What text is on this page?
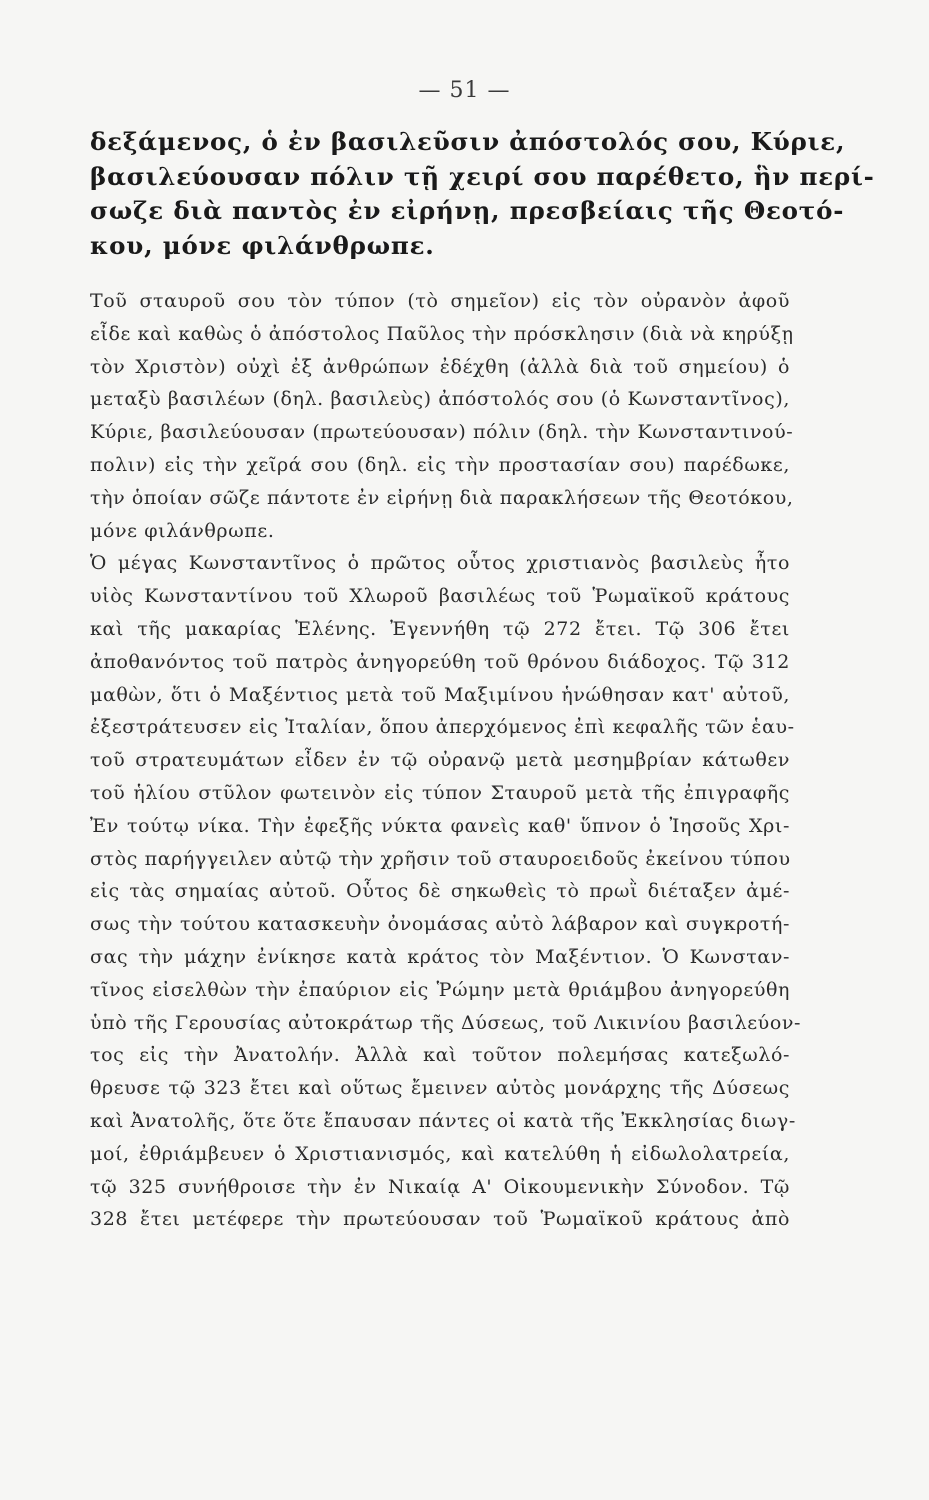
— 51 —
δεξάμενος, ὁ ἐν βασιλεῦσιν ἀπόστολός σου, Κύριε,
βασιλεύουσαν πόλιν τῇ χειρί σου παρέθετο, ἣν περί-
σωζε διὰ παντὸς ἐν εἰρήνῃ, πρεσβείαις τῆς Θεοτό-
κου, μόνε φιλάνθρωπε.
Τοῦ σταυροῦ σου τὸν τύπον (τὸ σημεῖον) εἰς τὸν οὐρανὸν ἀφοῦ
εἶδε καὶ καθὼς ὁ ἀπόστολος Παῦλος τὴν πρόσκλησιν (διὰ νὰ κηρύξῃ
τὸν Χριστὸν) οὐχὶ ἐξ ἀνθρώπων ἐδέχθη (ἀλλὰ διὰ τοῦ σημείου) ὁ
μεταξὺ βασιλέων (δηλ. βασιλεὺς) ἀπόστολός σου (ὁ Κωνσταντῖνος),
Κύριε, βασιλεύουσαν (πρωτεύουσαν) πόλιν (δηλ. τὴν Κωνσταντινού-
πολιν) εἰς τὴν χεῖρά σου (δηλ. εἰς τὴν προστασίαν σου) παρέδωκε,
τὴν ὁποίαν σῶζε πάντοτε ἐν εἰρήνῃ διὰ παρακλήσεων τῆς Θεοτόκου,
μόνε φιλάνθρωπε.
Ὁ μέγας Κωνσταντῖνος ὁ πρῶτος οὗτος χριστιανὸς βασιλεὺς ἦτο
υἱὸς Κωνσταντίνου τοῦ Χλωροῦ βασιλέως τοῦ Ῥωμαϊκοῦ κράτους
καὶ τῆς μακαρίας Ἑλένης. Ἐγεννήθη τῷ 272 ἔτει. Τῷ 306 ἔτει
ἀποθανόντος τοῦ πατρὸς ἀνηγορεύθη τοῦ θρόνου διάδοχος. Τῷ 312
μαθὼν, ὅτι ὁ Μαξέντιος μετὰ τοῦ Μαξιμίνου ἡνώθησαν κατ' αὐτοῦ,
ἐξεστράτευσεν εἰς Ἰταλίαν, ὅπου ἀπερχόμενος ἐπὶ κεφαλῆς τῶν ἑαυ-
τοῦ στρατευμάτων εἶδεν ἐν τῷ οὐρανῷ μετὰ μεσημβρίαν κάτωθεν
τοῦ ἡλίου στῦλον φωτεινὸν εἰς τύπον Σταυροῦ μετὰ τῆς ἐπιγραφῆς
Ἐν τούτῳ νίκα. Τὴν ἐφεξῆς νύκτα φανεὶς καθ' ὕπνον ὁ Ἰησοῦς Χρι-
στὸς παρήγγειλεν αὐτῷ τὴν χρῆσιν τοῦ σταυροειδοῦς ἐκείνου τύπου
εἰς τὰς σημαίας αὐτοῦ. Οὗτος δὲ σηκωθεὶς τὸ πρωῒ διέταξεν ἀμέ-
σως τὴν τούτου κατασκευὴν ὀνομάσας αὐτὸ λάβαρον καὶ συγκροτή-
σας τὴν μάχην ἐνίκησε κατὰ κράτος τὸν Μαξέντιον. Ὁ Κωνσταν-
τῖνος εἰσελθὼν τὴν ἐπαύριον εἰς Ῥώμην μετὰ θριάμβου ἀνηγορεύθη
ὑπὸ τῆς Γερουσίας αὐτοκράτωρ τῆς Δύσεως, τοῦ Λικινίου βασιλεύον-
τος εἰς τὴν Ἀνατολήν. Ἀλλὰ καὶ τοῦτον πολεμήσας κατεξωλό-
θρευσε τῷ 323 ἔτει καὶ οὕτως ἔμεινεν αὐτὸς μονάρχης τῆς Δύσεως
καὶ Ἀνατολῆς, ὅτε ὅτε ἔπαυσαν πάντες οἱ κατὰ τῆς Ἐκκλησίας διωγ-
μοί, ἐθριάμβευεν ὁ Χριστιανισμός, καὶ κατελύθη ἡ εἰδωλολατρεία,
τῷ 325 συνήθροισε τὴν ἐν Νικαίᾳ Α' Οἰκουμενικὴν Σύνοδον. Τῷ
328 ἔτει μετέφερε τὴν πρωτεύουσαν τοῦ Ῥωμαϊκοῦ κράτους ἀπὸ
